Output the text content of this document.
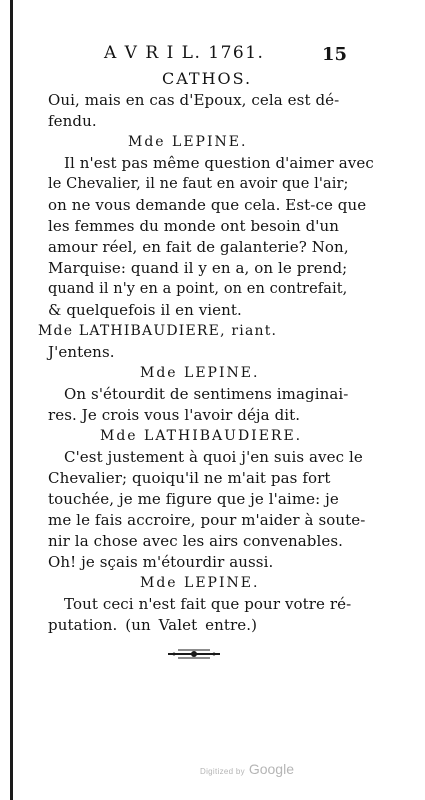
A V R I L. 1761.	15
CATHOS.
Oui, mais en cas d'Epoux, cela est dé-
fendu.
Mde LEPINE.
Il n'est pas même question d'aimer avec
le Chevalier, il ne faut en avoir que l'air;
on ne vous demande que cela. Est-ce que
les femmes du monde ont besoin d'un
amour réel, en fait de galanterie? Non,
Marquise: quand il y en a, on le prend;
quand il n'y en a point, on en contrefait,
& quelquefois il en vient.
Mde LATHIBAUDIERE, riant.
J'entens.
Mde LEPINE.
On s'étourdit de sentimens imaginai-
res. Je crois vous l'avoir déja dit.
Mde LATHIBAUDIERE.
C'est justement à quoi j'en suis avec le
Chevalier; quoiqu'il ne m'ait pas fort
touchée, je me figure que je l'aime: je
me le fais accroire, pour m'aider à soute-
nir la chose avec les airs convenables.
Oh! je sçais m'étourdir aussi.
Mde LEPINE.
Tout ceci n'est fait que pour votre ré-
putation. (un Valet entre.)
Digitized by Google
